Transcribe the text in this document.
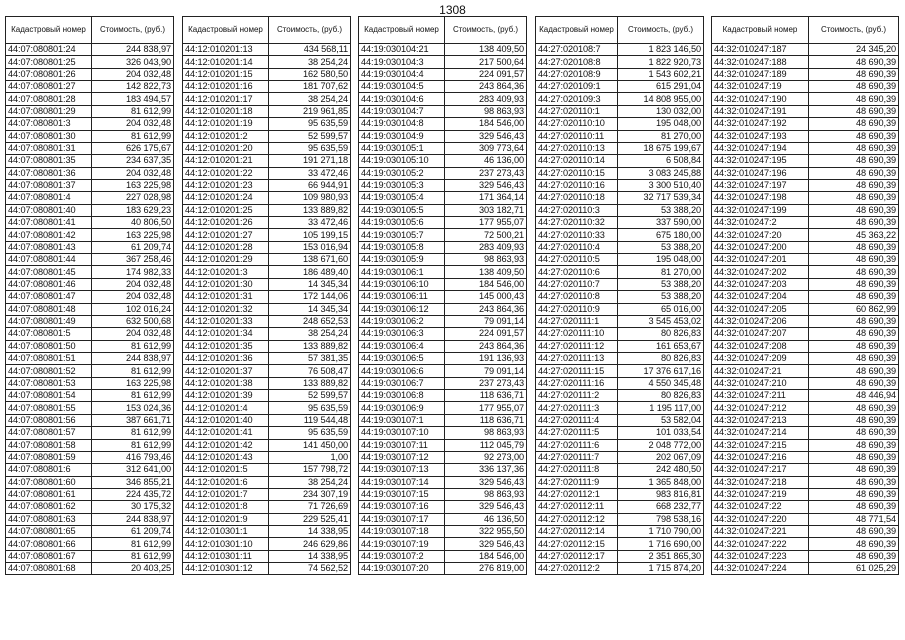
1308
Кадастровый номер	Стоимость, (руб.)
44:07:080801:24	244 838,97
44:07:080801:25	326 043,90
44:07:080801:26	204 032,48
44:07:080801:27	142 822,73
44:07:080801:28	183 494,57
44:07:080801:29	81 612,99
44:07:080801:3	204 032,48
44:07:080801:30	81 612,99
44:07:080801:31	626 175,67
44:07:080801:35	234 637,35
44:07:080801:36	204 032,48
44:07:080801:37	163 225,98
44:07:080801:4	227 028,98
44:07:080801:40	183 629,23
44:07:080801:41	40 806,50
44:07:080801:42	163 225,98
44:07:080801:43	61 209,74
44:07:080801:44	367 258,46
44:07:080801:45	174 982,33
44:07:080801:46	204 032,48
44:07:080801:47	204 032,48
44:07:080801:48	102 016,24
44:07:080801:49	632 500,68
44:07:080801:5	204 032,48
44:07:080801:50	81 612,99
44:07:080801:51	244 838,97
44:07:080801:52	81 612,99
44:07:080801:53	163 225,98
44:07:080801:54	81 612,99
44:07:080801:55	153 024,36
44:07:080801:56	387 661,71
44:07:080801:57	81 612,99
44:07:080801:58	81 612,99
44:07:080801:59	416 793,46
44:07:080801:6	312 641,00
44:07:080801:60	346 855,21
44:07:080801:61	224 435,72
44:07:080801:62	30 175,32
44:07:080801:63	244 838,97
44:07:080801:65	61 209,74
44:07:080801:66	81 612,99
44:07:080801:67	81 612,99
44:07:080801:68	20 403,25
Кадастровый номер	Стоимость, (руб.)
44:12:010201:13	434 568,11
44:12:010201:14	38 254,24
44:12:010201:15	162 580,50
44:12:010201:16	181 707,62
44:12:010201:17	38 254,24
44:12:010201:18	219 961,85
44:12:010201:19	95 635,59
44:12:010201:2	52 599,57
44:12:010201:20	95 635,59
44:12:010201:21	191 271,18
44:12:010201:22	33 472,46
44:12:010201:23	66 944,91
44:12:010201:24	109 980,93
44:12:010201:25	133 889,82
44:12:010201:26	33 472,46
44:12:010201:27	105 199,15
44:12:010201:28	153 016,94
44:12:010201:29	138 671,60
44:12:010201:3	186 489,40
44:12:010201:30	14 345,34
44:12:010201:31	172 144,06
44:12:010201:32	14 345,34
44:12:010201:33	248 652,53
44:12:010201:34	38 254,24
44:12:010201:35	133 889,82
44:12:010201:36	57 381,35
44:12:010201:37	76 508,47
44:12:010201:38	133 889,82
44:12:010201:39	52 599,57
44:12:010201:4	95 635,59
44:12:010201:40	119 544,48
44:12:010201:41	95 635,59
44:12:010201:42	141 450,00
44:12:010201:43	1,00
44:12:010201:5	157 798,72
44:12:010201:6	38 254,24
44:12:010201:7	234 307,19
44:12:010201:8	71 726,69
44:12:010201:9	229 525,41
44:12:010301:1	14 338,95
44:12:010301:10	246 629,86
44:12:010301:11	14 338,95
44:12:010301:12	74 562,52
Кадастровый номер	Стоимость, (руб.)
44:19:030104:21	138 409,50
44:19:030104:3	217 500,64
44:19:030104:4	224 091,57
44:19:030104:5	243 864,36
44:19:030104:6	283 409,93
44:19:030104:7	98 863,93
44:19:030104:8	184 546,00
44:19:030104:9	329 546,43
44:19:030105:1	309 773,64
44:19:030105:10	46 136,00
44:19:030105:2	237 273,43
44:19:030105:3	329 546,43
44:19:030105:4	171 364,14
44:19:030105:5	303 182,71
44:19:030105:6	177 955,07
44:19:030105:7	72 500,21
44:19:030105:8	283 409,93
44:19:030105:9	98 863,93
44:19:030106:1	138 409,50
44:19:030106:10	184 546,00
44:19:030106:11	145 000,43
44:19:030106:12	243 864,36
44:19:030106:2	79 091,14
44:19:030106:3	224 091,57
44:19:030106:4	243 864,36
44:19:030106:5	191 136,93
44:19:030106:6	79 091,14
44:19:030106:7	237 273,43
44:19:030106:8	118 636,71
44:19:030106:9	177 955,07
44:19:030107:1	118 636,71
44:19:030107:10	98 863,93
44:19:030107:11	112 045,79
44:19:030107:12	92 273,00
44:19:030107:13	336 137,36
44:19:030107:14	329 546,43
44:19:030107:15	98 863,93
44:19:030107:16	329 546,43
44:19:030107:17	46 136,50
44:19:030107:18	322 955,50
44:19:030107:19	329 546,43
44:19:030107:2	184 546,00
44:19:030107:20	276 819,00
Кадастровый номер	Стоимость, (руб.)
44:27:020108:7	1 823 146,50
44:27:020108:8	1 822 920,73
44:27:020108:9	1 543 602,21
44:27:020109:1	615 291,04
44:27:020109:3	14 808 955,00
44:27:020110:1	130 032,00
44:27:020110:10	195 048,00
44:27:020110:11	81 270,00
44:27:020110:13	18 675 199,67
44:27:020110:14	6 508,84
44:27:020110:15	3 083 245,88
44:27:020110:16	3 300 510,40
44:27:020110:18	32 717 539,34
44:27:020110:3	53 388,20
44:27:020110:32	337 590,00
44:27:020110:33	675 180,00
44:27:020110:4	53 388,20
44:27:020110:5	195 048,00
44:27:020110:6	81 270,00
44:27:020110:7	53 388,20
44:27:020110:8	53 388,20
44:27:020110:9	65 016,00
44:27:020111:1	3 545 453,02
44:27:020111:10	80 826,83
44:27:020111:12	161 653,67
44:27:020111:13	80 826,83
44:27:020111:15	17 376 617,16
44:27:020111:16	4 550 345,48
44:27:020111:2	80 826,83
44:27:020111:3	1 195 117,00
44:27:020111:4	53 582,04
44:27:020111:5	101 033,54
44:27:020111:6	2 048 772,00
44:27:020111:7	202 067,09
44:27:020111:8	242 480,50
44:27:020111:9	1 365 848,00
44:27:020112:1	983 816,81
44:27:020112:11	668 232,77
44:27:020112:12	798 538,16
44:27:020112:14	1 710 790,00
44:27:020112:15	1 716 690,00
44:27:020112:17	2 351 865,30
44:27:020112:2	1 715 874,20
Кадастровый номер	Стоимость, (руб.)
44:32:010247:187	24 345,20
44:32:010247:188	48 690,39
44:32:010247:189	48 690,39
44:32:010247:19	48 690,39
44:32:010247:190	48 690,39
44:32:010247:191	48 690,39
44:32:010247:192	48 690,39
44:32:010247:193	48 690,39
44:32:010247:194	48 690,39
44:32:010247:195	48 690,39
44:32:010247:196	48 690,39
44:32:010247:197	48 690,39
44:32:010247:198	48 690,39
44:32:010247:199	48 690,39
44:32:010247:2	48 690,39
44:32:010247:20	45 363,22
44:32:010247:200	48 690,39
44:32:010247:201	48 690,39
44:32:010247:202	48 690,39
44:32:010247:203	48 690,39
44:32:010247:204	48 690,39
44:32:010247:205	60 862,99
44:32:010247:206	48 690,39
44:32:010247:207	48 690,39
44:32:010247:208	48 690,39
44:32:010247:209	48 690,39
44:32:010247:21	48 690,39
44:32:010247:210	48 690,39
44:32:010247:211	48 446,94
44:32:010247:212	48 690,39
44:32:010247:213	48 690,39
44:32:010247:214	48 690,39
44:32:010247:215	48 690,39
44:32:010247:216	48 690,39
44:32:010247:217	48 690,39
44:32:010247:218	48 690,39
44:32:010247:219	48 690,39
44:32:010247:22	48 690,39
44:32:010247:220	48 771,54
44:32:010247:221	48 690,39
44:32:010247:222	48 690,39
44:32:010247:223	48 690,39
44:32:010247:224	61 025,29
